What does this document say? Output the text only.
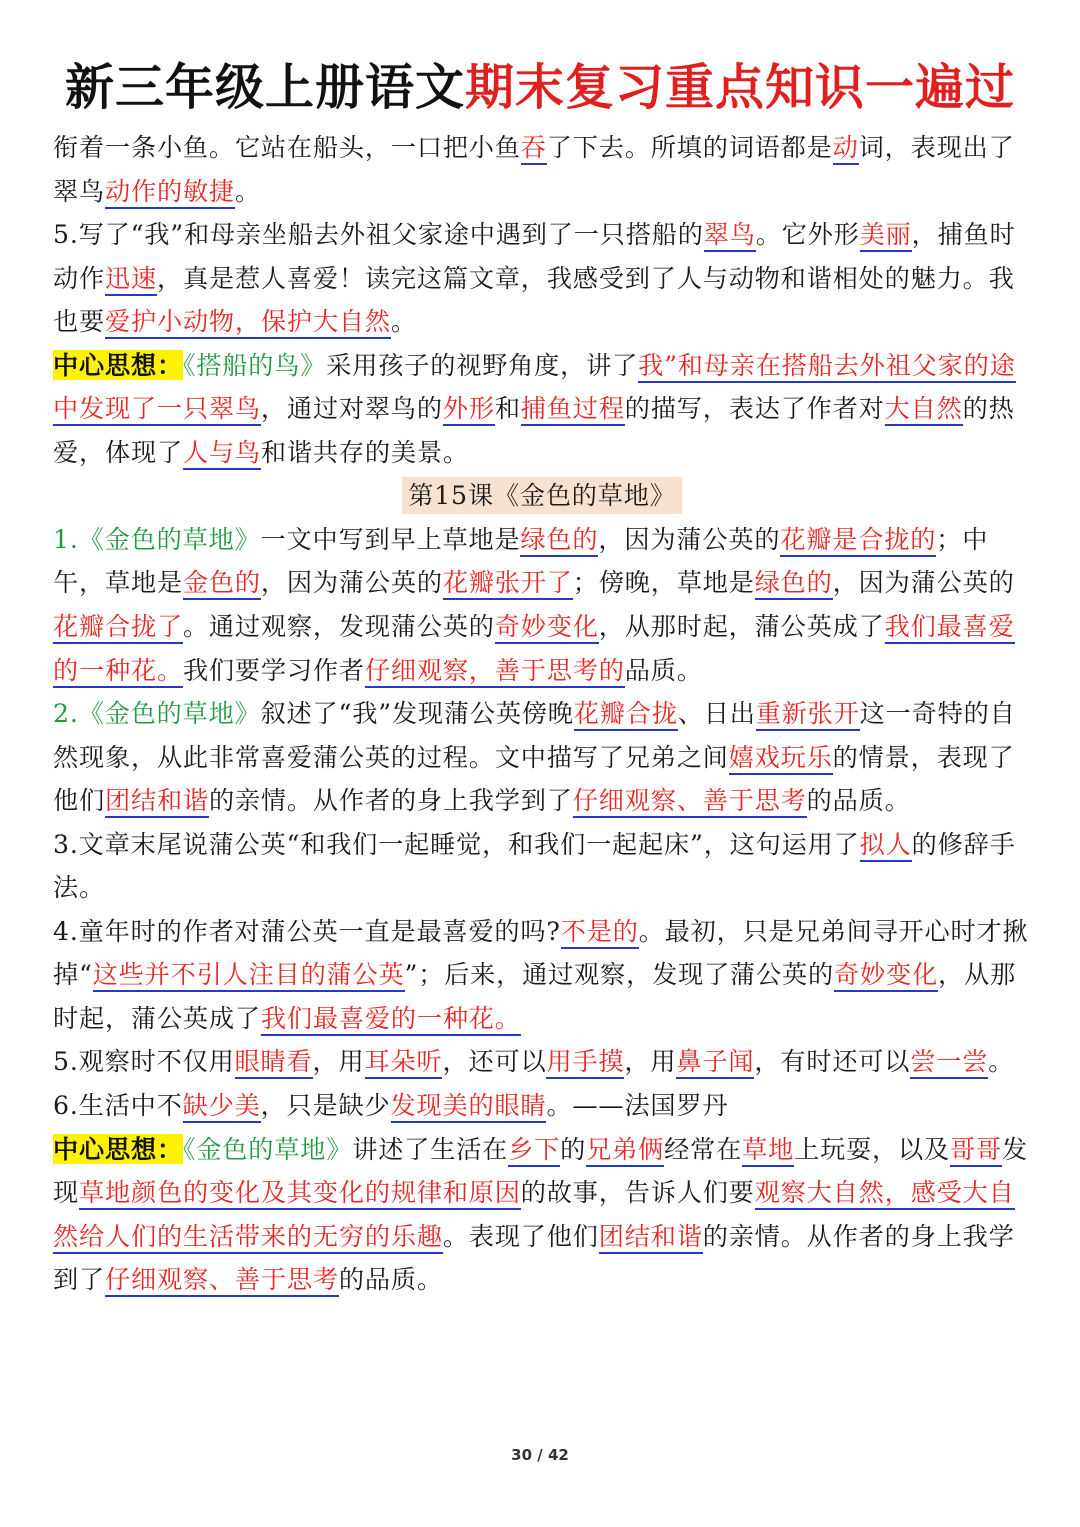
新三年级上册语文期末复习重点知识一遍过

衔着一条小鱼。它站在船头，一口把小鱼吞了下去。所填的词语都是动词，表现出了翠鸟动作的敏捷。

5.写了“我”和母亲坐船去外祖父家途中遇到了一只搭船的翠鸟。它外形美丽，捕鱼时动作迅速，真是惹人喜爱！读完这篇文章，我感受到了人与动物和谐相处的魅力。我也要爱护小动物，保护大自然。

中心思想：《搭船的鸟》采用孩子的视野角度，讲了我”和母亲在搭船去外祖父家的途中发现了一只翠鸟，通过对翠鸟的外形和捕鱼过程的描写，表达了作者对大自然的热爱，体现了人与鸟和谐共存的美景。

第15课《金色的草地》

1.《金色的草地》一文中写到早上草地是绿色的，因为蒲公英的花瓣是合拢的；中午，草地是金色的，因为蒲公英的花瓣张开了；傍晚，草地是绿色的，因为蒲公英的花瓣合拢了。通过观察，发现蒲公英的奇妙变化，从那时起，蒲公英成了我们最喜爱的一种花。我们要学习作者仔细观察，善于思考的品质。

2.《金色的草地》叙述了“我”发现蒲公英傍晚花瓣合拢、日出重新张开这一奇特的自然现象，从此非常喜爱蒲公英的过程。文中描写了兄弟之间嬉戏玩乐的情景，表现了他们团结和谐的亲情。从作者的身上我学到了仔细观察、善于思考的品质。

3.文章末尾说蒲公英“和我们一起睡觉，和我们一起起床”，这句运用了拟人的修辞手法。

4.童年时的作者对蒲公英一直是最喜爱的吗?不是的。最初，只是兄弟间寻开心时才揪掉“这些并不引人注目的蒲公英”；后来，通过观察，发现了蒲公英的奇妙变化，从那时起，蒲公英成了我们最喜爱的一种花。

5.观察时不仅用眼睛看，用耳朵听，还可以用手摸，用鼻子闻，有时还可以尝一尝。

6.生活中不缺少美，只是缺少发现美的眼睛。——法国罗丹

中心思想：《金色的草地》讲述了生活在乡下的兄弟俩经常在草地上玩耍，以及哥哥发现草地颜色的变化及其变化的规律和原因的故事，告诉人们要观察大自然，感受大自然给人们的生活带来的无穷的乐趣。表现了他们团结和谐的亲情。从作者的身上我学到了仔细观察、善于思考的品质。

30 / 42
